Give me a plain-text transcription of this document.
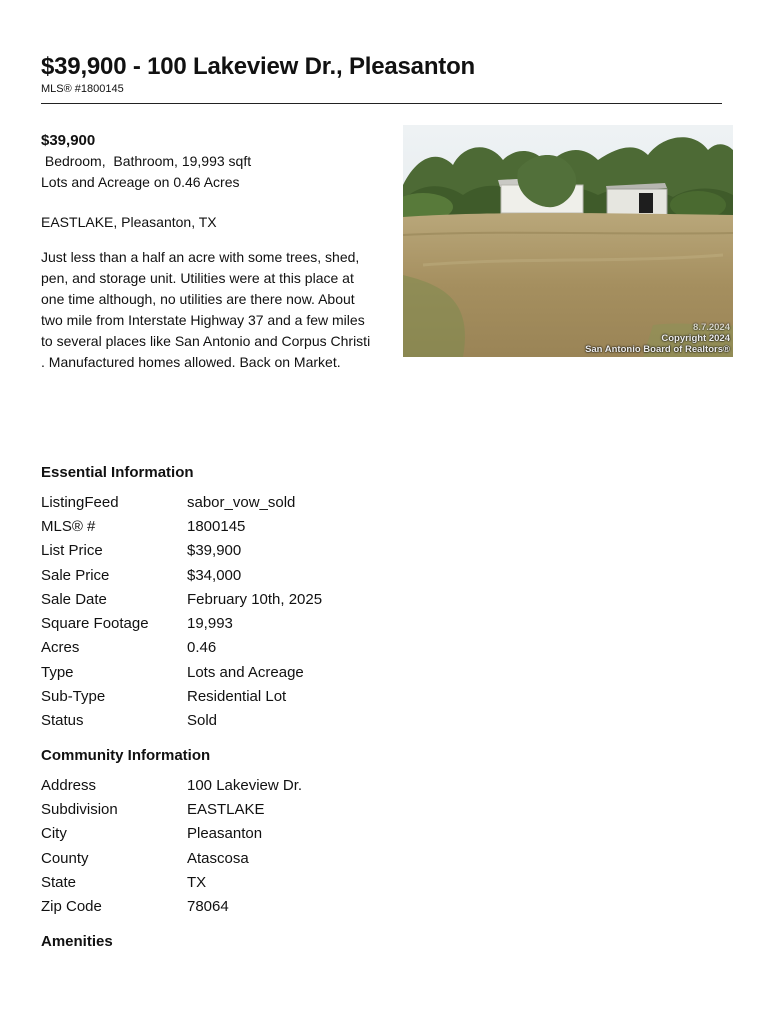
$39,900 - 100 Lakeview Dr., Pleasanton
MLS® #1800145
$39,900
Bedroom,  Bathroom, 19,993 sqft
Lots and Acreage on 0.46 Acres
EASTLAKE, Pleasanton, TX
Just less than a half an acre with some trees, shed, pen, and storage unit. Utilities were at this place at one time although, no utilities are there now. About two mile from Interstate Highway 37 and a few miles to several places like San Antonio and Corpus Christi . Manufactured homes allowed. Back on Market.
8.7.2024
Copyright 2024
San Antonio Board of Realtors®
Essential Information
ListingFeed	sabor_vow_sold
MLS® #	1800145
List Price	$39,900
Sale Price	$34,000
Sale Date	February 10th, 2025
Square Footage	19,993
Acres	0.46
Type	Lots and Acreage
Sub-Type	Residential Lot
Status	Sold
Community Information
Address	100 Lakeview Dr.
Subdivision	EASTLAKE
City	Pleasanton
County	Atascosa
State	TX
Zip Code	78064
Amenities
